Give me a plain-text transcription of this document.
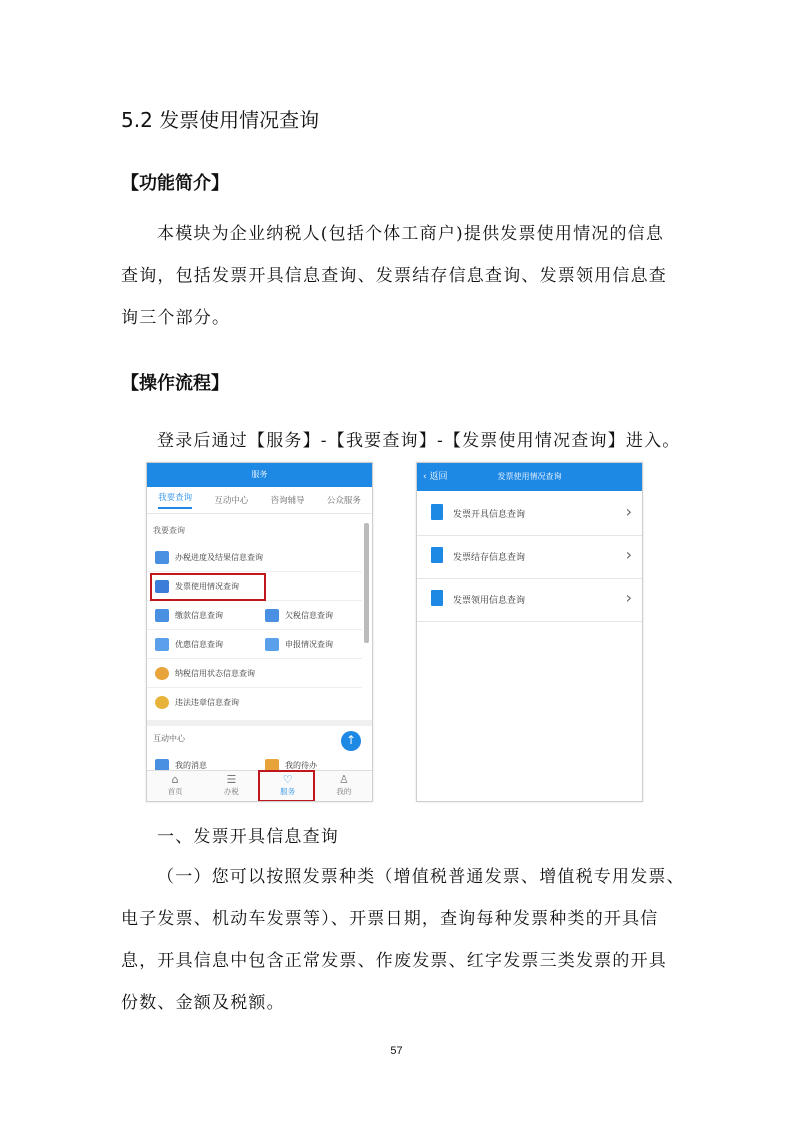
5.2 发票使用情况查询
【功能简介】
本模块为企业纳税人(包括个体工商户)提供发票使用情况的信息查询，包括发票开具信息查询、发票结存信息查询、发票领用信息查询三个部分。
【操作流程】
登录后通过【服务】-【我要查询】-【发票使用情况查询】进入。
服务
我要查询	互动中心	咨询辅导	公众服务
我要查询
办税进度及结果信息查询
发票使用情况查询
缴款信息查询	欠税信息查询
优惠信息查询	申报情况查询
纳税信用状态信息查询
违法违章信息查询
互动中心	↑
我的消息	我的待办
⌂
首页
☰
办税
♡
服务
♙
我的
‹ 返回	发票使用情况查询
发票开具信息查询	›
发票结存信息查询	›
发票领用信息查询	›
一、发票开具信息查询
（一）您可以按照发票种类（增值税普通发票、增值税专用发票、
电子发票、机动车发票等）、开票日期，查询每种发票种类的开具信
息，开具信息中包含正常发票、作废发票、红字发票三类发票的开具
份数、金额及税额。
57
